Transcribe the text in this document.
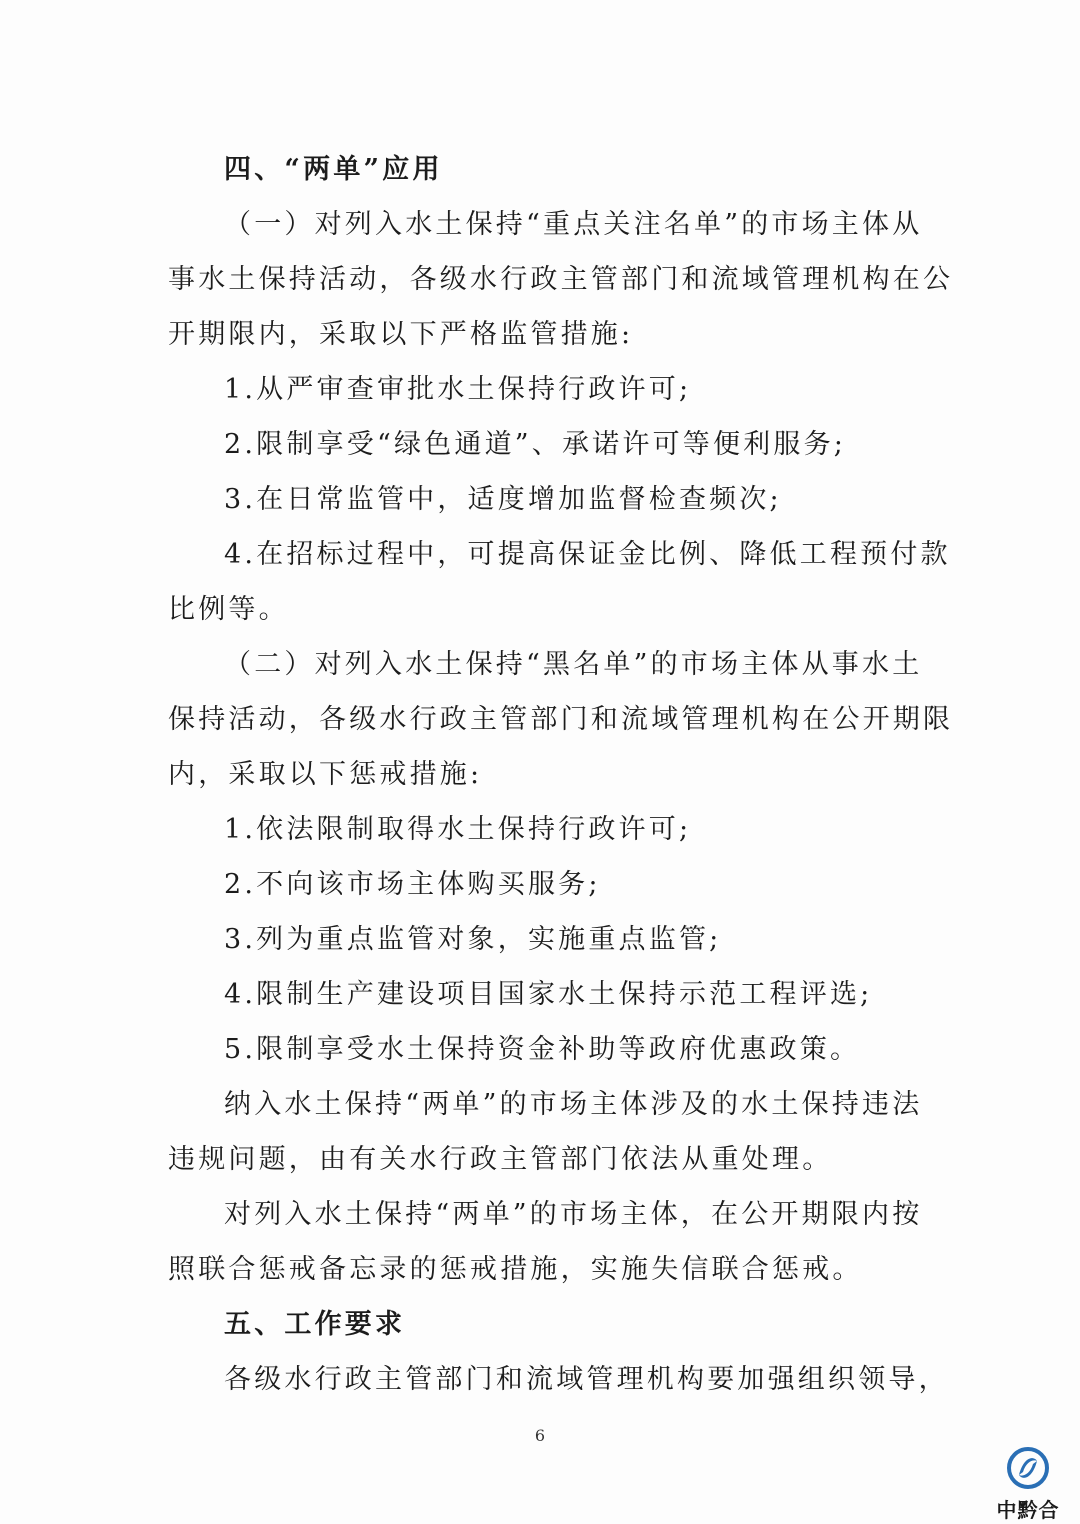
四、“两单”应用
（一）对列入水土保持“重点关注名单”的市场主体从
事水土保持活动，各级水行政主管部门和流域管理机构在公
开期限内，采取以下严格监管措施:
1.从严审查审批水土保持行政许可;
2.限制享受“绿色通道”、承诺许可等便利服务;
3.在日常监管中，适度增加监督检查频次;
4.在招标过程中，可提高保证金比例、降低工程预付款
比例等。
（二）对列入水土保持“黑名单”的市场主体从事水土
保持活动，各级水行政主管部门和流域管理机构在公开期限
内，采取以下惩戒措施:
1.依法限制取得水土保持行政许可;
2.不向该市场主体购买服务;
3.列为重点监管对象，实施重点监管;
4.限制生产建设项目国家水土保持示范工程评选;
5.限制享受水土保持资金补助等政府优惠政策。
纳入水土保持“两单”的市场主体涉及的水土保持违法
违规问题，由有关水行政主管部门依法从重处理。
对列入水土保持“两单”的市场主体，在公开期限内按
照联合惩戒备忘录的惩戒措施，实施失信联合惩戒。
五、工作要求
各级水行政主管部门和流域管理机构要加强组织领导，
6
中黔合
